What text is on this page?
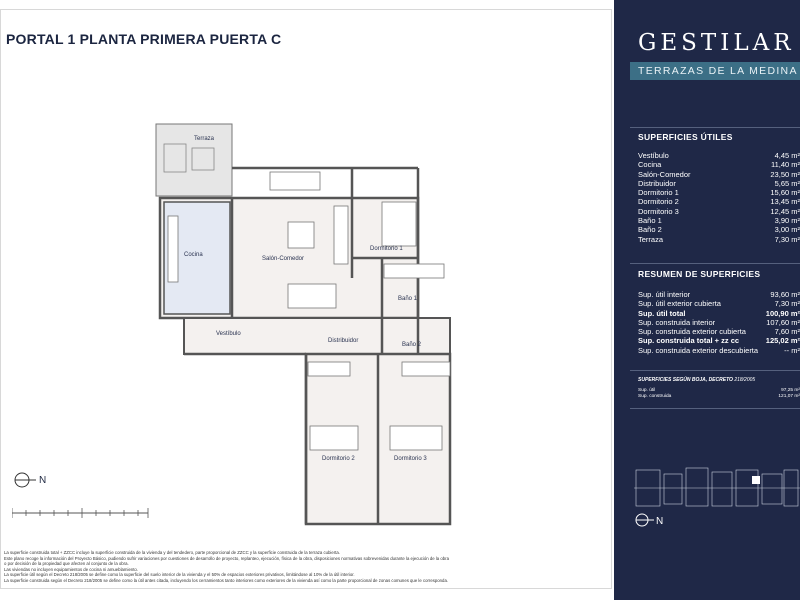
PORTAL 1 PLANTA PRIMERA PUERTA C
Terraza
Cocina
Salón-Comedor
Dormitorio 1
Baño 1
Baño 2
Vestíbulo
Distribuidor
Dormitorio 2	Dormitorio 3
N
La superficie construida total + ZZCC incluye la superficie construida de la vivienda y del tendedero, parte proporcional de ZZCC y la superficie construida de la terraza cubierta.
Este plano recoge la información del Proyecto Básico, pudiendo sufrir variaciones por cuestiones de desarrollo de proyecto, replanteo, ejecución, física de la obra, disposiciones normativas sobrevenidas durante la ejecución de la obra
o por decisión de la propiedad que afecten al conjunto de la obra.
Las viviendas no incluyen equipamientos de cocina ni amueblamiento.
La superficie útil según el Decreto 218/2005 se define como la superficie del suelo interior de la vivienda y el 50% de espacios exteriores privativos, limitándose al 10% de la útil interior.
La superficie construida según el Decreto 218/2005 se define como la útil antes citada, incluyendo los cerramientos tanto interiores como exteriores de la vivienda así como la parte proporcional de zonas comunes que le corresponda.
GESTILAR
TERRAZAS DE LA MEDINA
SUPERFICIES ÚTILES
Vestíbulo	4,45 m²
Cocina	11,40 m²
Salón-Comedor	23,50 m²
Distribuidor	5,65 m²
Dormitorio 1	15,60 m²
Dormitorio 2	13,45 m²
Dormitorio 3	12,45 m²
Baño 1	3,90 m²
Baño 2	3,00 m²
Terraza	7,30 m²
RESUMEN DE SUPERFICIES
Sup. útil interior	93,60 m²
Sup. útil exterior cubierta	7,30 m²
Sup. útil total	100,90 m²
Sup. construida interior	107,60 m²
Sup. construida exterior cubierta	7,60 m²
Sup. construida total + zz cc	125,02 m²
Sup. construida exterior descubierta	-- m²
SUPERFICIES SEGÚN BOJA, DECRETO 218/2005
Sup. útil	97,25 m²
Sup. construida	121,07 m²
N
